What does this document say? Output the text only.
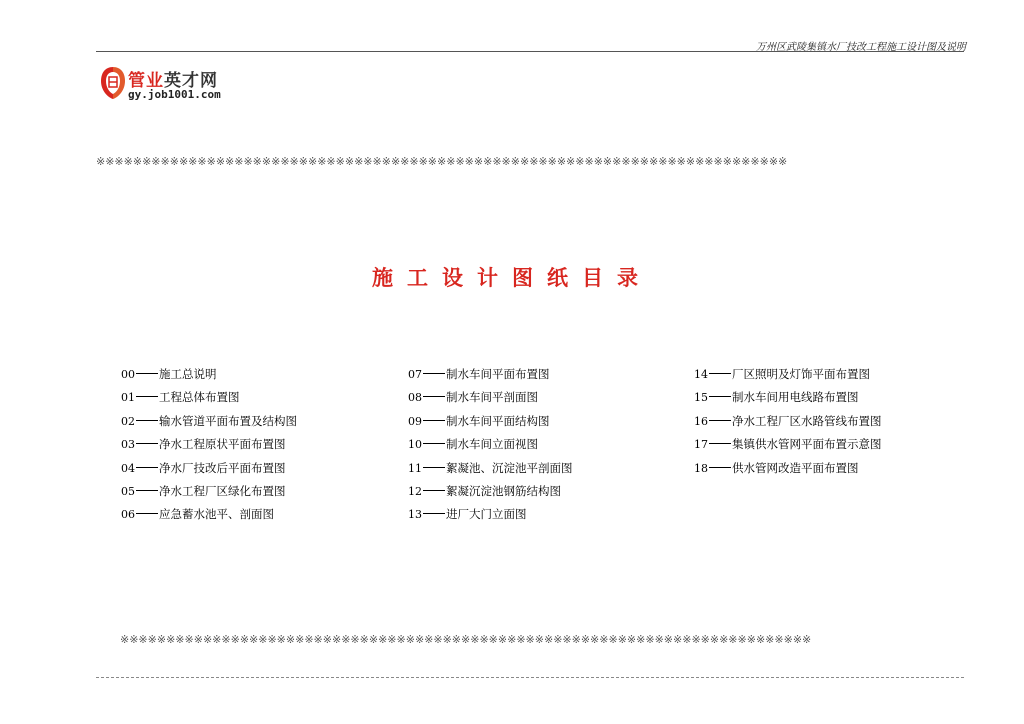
万州区武陵集镇水厂技改工程施工设计图及说明
管业英才网
gy.job1001.com
※※※※※※※※※※※※※※※※※※※※※※※※※※※※※※※※※※※※※※※※※※※※※※※※※※※※※※※※※※※※※※※※※※※※※※※※※※※
施工设计图纸目录
00 施工总说明
01 工程总体布置图
02 输水管道平面布置及结构图
03 净水工程原状平面布置图
04 净水厂技改后平面布置图
05 净水工程厂区绿化布置图
06 应急蓄水池平、剖面图
07 制水车间平面布置图
08 制水车间平剖面图
09 制水车间平面结构图
10 制水车间立面视图
11 絮凝池、沉淀池平剖面图
12 絮凝沉淀池钢筋结构图
13 进厂大门立面图
14 厂区照明及灯饰平面布置图
15 制水车间用电线路布置图
16 净水工程厂区水路管线布置图
17 集镇供水管网平面布置示意图
18 供水管网改造平面布置图
※※※※※※※※※※※※※※※※※※※※※※※※※※※※※※※※※※※※※※※※※※※※※※※※※※※※※※※※※※※※※※※※※※※※※※※※※※※
